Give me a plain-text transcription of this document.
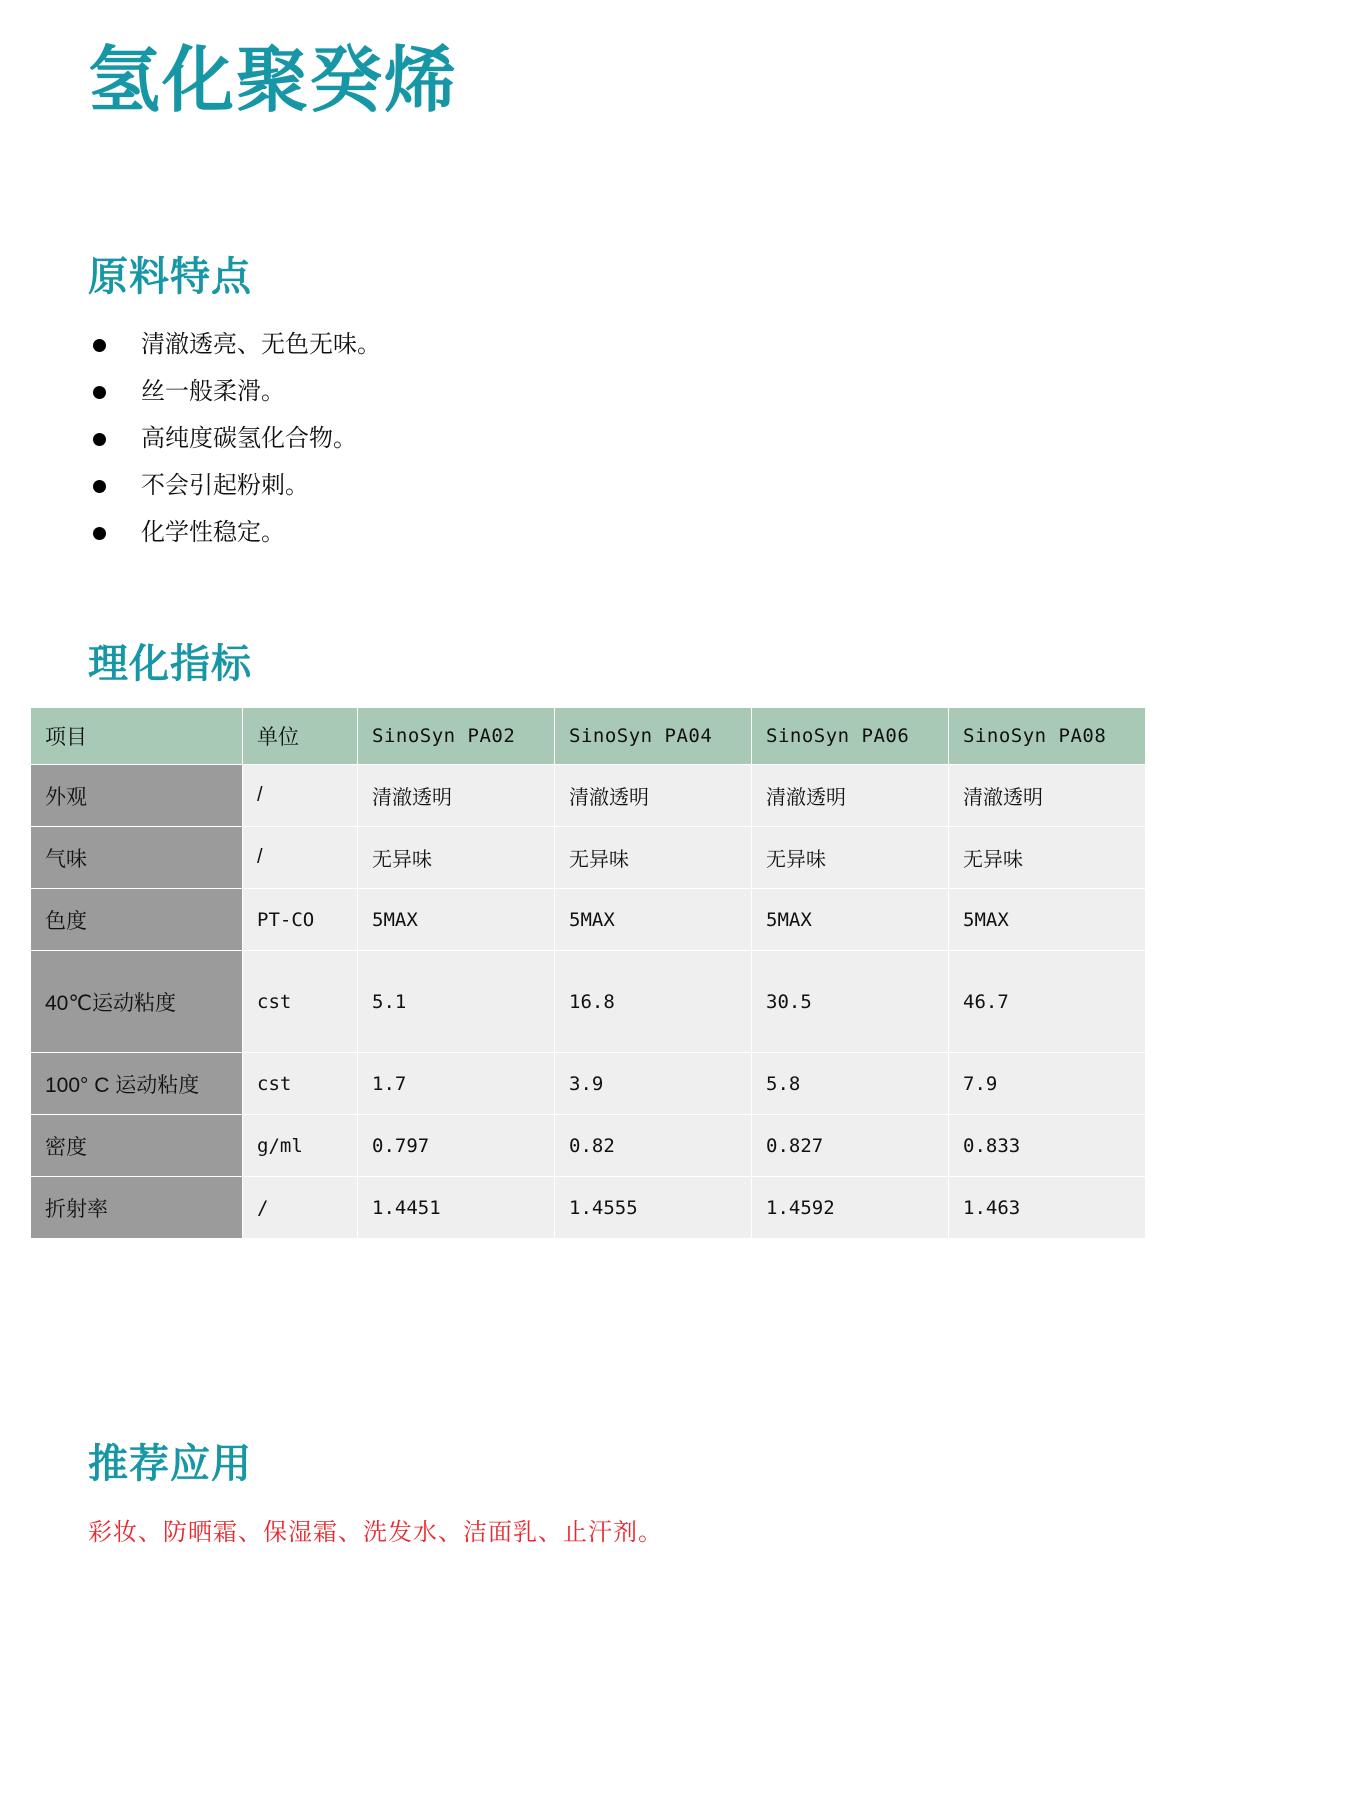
氢化聚癸烯
原料特点
清澈透亮、无色无味。
丝一般柔滑。
高纯度碳氢化合物。
不会引起粉刺。
化学性稳定。
理化指标
项目	单位	SinoSyn PA02	SinoSyn PA04	SinoSyn PA06	SinoSyn PA08
外观	/	清澈透明	清澈透明	清澈透明	清澈透明
气味	/	无异味	无异味	无异味	无异味
色度	PT-CO	5MAX	5MAX	5MAX	5MAX
40℃运动粘度	cst	5.1	16.8	30.5	46.7
100° C 运动粘度	cst	1.7	3.9	5.8	7.9
密度	g/ml	0.797	0.82	0.827	0.833
折射率	/	1.4451	1.4555	1.4592	1.463
推荐应用
彩妆、防晒霜、保湿霜、洗发水、洁面乳、止汗剂。
